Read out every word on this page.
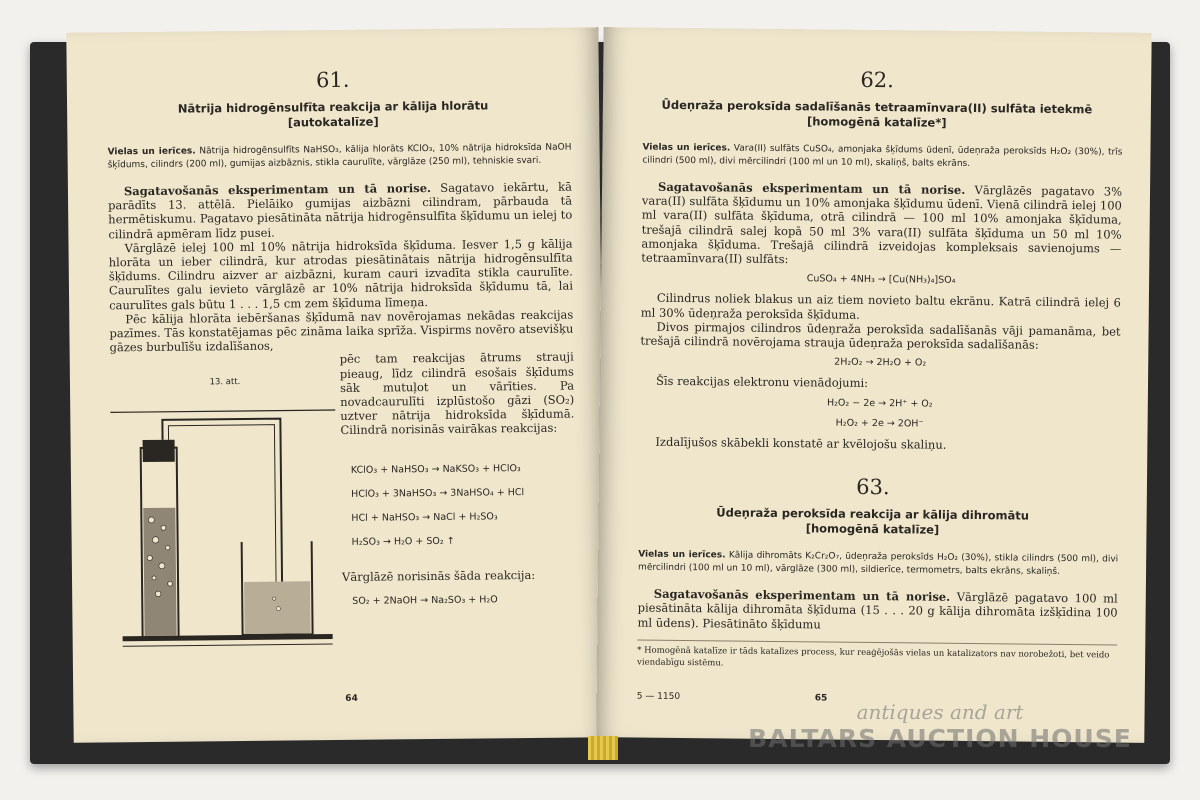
61.
Nātrija hidrogēnsulfīta reakcija ar kālija hlorātu
[autokatalīze]
Vielas un ierīces. Nātrija hidrogēnsulfīts NaHSO₃, kālija hlorāts KClO₃, 10% nātrija hidroksīda NaOH šķīdums, cilindrs (200 ml), gumijas aizbāznis, stikla caurulīte, vārglāze (250 ml), tehniskie svari.

Sagatavošanās eksperimentam un tā norise. Sagatavo iekārtu, kā parādīts 13. attēlā. Pielāiko gumijas aizbāzni cilindram, pārbauda tā hermētiskumu. Pagatavo piesātināta nātrija hidrogēnsulfīta šķīdumu un ielej to cilindrā apmēram līdz pusei.

Vārglāzē ielej 100 ml 10% nātrija hidroksīda šķīduma. Iesver 1,5 g kālija hlorāta un ieber cilindrā, kur atrodas piesātinātais nātrija hidrogēnsulfīta šķīdums. Cilindru aizver ar aizbāzni, kuram cauri izvadīta stikla caurulīte. Caurulītes galu ievieto vārglāzē ar 10% nātrija hidroksīda šķīdumu tā, lai caurulītes gals būtu 1 . . . 1,5 cm zem šķīduma līmeņa.

Pēc kālija hlorāta iebēršanas šķīdumā nav novērojamas nekādas reakcijas pazīmes. Tās konstatējamas pēc zināma laika sprīža. Vispirms novēro atsevišķu gāzes burbulīšu izdalīšanos,

13. att.
pēc tam reakcijas ātrums strauji pieaug, līdz cilindrā esošais šķīdums sāk mutuļot un vārīties. Pa novadcaurulīti izplūstošo gāzi (SO₂) uztver nātrija hidroksīda šķīdumā. Cilindrā norisinās vairākas reakcijas:
KClO₃ + NaHSO₃ → NaKSO₃ + HClO₃
HClO₃ + 3NaHSO₃ → 3NaHSO₄ + HCl
HCl + NaHSO₃ → NaCl + H₂SO₃
H₂SO₃ → H₂O + SO₂ ↑
Vārglāzē norisinās šāda reakcija:
SO₂ + 2NaOH → Na₂SO₃ + H₂O
64
62.
Ūdeņraža peroksīda sadalīšanās tetraamīnvara(II) sulfāta ietekmē
[homogēnā katalīze*]
Vielas un ierīces. Vara(II) sulfāts CuSO₄, amonjaka šķīdums ūdenī, ūdeņraža peroksīds H₂O₂ (30%), trīs cilindri (500 ml), divi mērcilindri (100 ml un 10 ml), skaliņš, balts ekrāns.

Sagatavošanās eksperimentam un tā norise. Vārglāzēs pagatavo 3% vara(II) sulfāta šķīdumu un 10% amonjaka šķīdumu ūdenī. Vienā cilindrā ielej 100 ml vara(II) sulfāta šķīduma, otrā cilindrā — 100 ml 10% amonjaka šķīduma, trešajā cilindrā salej kopā 50 ml 3% vara(II) sulfāta šķīduma un 50 ml 10% amonjaka šķīduma. Trešajā cilindrā izveidojas kompleksais savienojums — tetraamīnvara(II) sulfāts:

CuSO₄ + 4NH₃ → [Cu(NH₃)₄]SO₄

Cilindrus noliek blakus un aiz tiem novieto baltu ekrānu. Katrā cilindrā ielej 6 ml 30% ūdeņraža peroksīda šķīduma.

Divos pirmajos cilindros ūdeņraža peroksīda sadalīšanās vāji pamanāma, bet trešajā cilindrā novērojama strauja ūdeņraža peroksīda sadalīšanās:

2H₂O₂ → 2H₂O + O₂

Šīs reakcijas elektronu vienādojumi:

H₂O₂ − 2e → 2H⁺ + O₂
H₂O₂ + 2e → 2OH⁻

Izdalījušos skābekli konstatē ar kvēlojošu skaliņu.

63.
Ūdeņraža peroksīda reakcija ar kālija dihromātu
[homogēnā katalīze]
Vielas un ierīces. Kālija dihromāts K₂Cr₂O₇, ūdeņraža peroksīds H₂O₂ (30%), stikla cilindrs (500 ml), divi mērcilindri (100 ml un 10 ml), vārglāze (300 ml), sildierīce, termometrs, balts ekrāns, skaliņš.

Sagatavošanās eksperimentam un tā norise. Vārglāzē pagatavo 100 ml piesātināta kālija dihromāta šķīduma (15 . . . 20 g kālija dihromāta izšķīdina 100 ml ūdens). Piesātināto šķīdumu

* Homogēnā katalīze ir tāds katalīzes process, kur reaģējošās vielas un katalizators nav norobežoti, bet veido viendabīgu sistēmu.
5 — 1150	65
antiques and art
BALTARS AUCTION HOUSE
